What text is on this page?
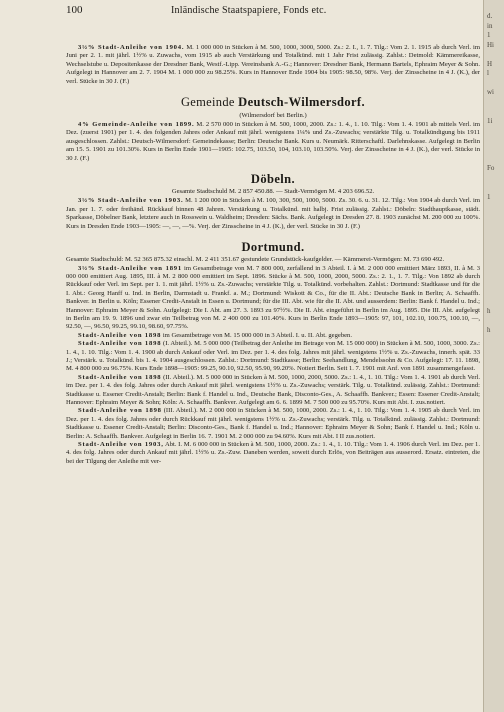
100	Inländische Staatspapiere, Fonds etc.

3½% Stadt-Anleihe von 1904. M. 1 000 000 in Stücken à M. 500, 1000, 3000, 5000. Zs.: 2. I., 1. 7. Tilg.: Vom 2. 1. 1915 ab durch Verl. im Juni per 2. 1. mit jährl. 1½% u. Zuwachs, vom 1915 ab auch Verstärkung und Totalkünd. mit 1 Jahr Frist zulässig. Zahlst.: Detmold: Kämmereikasse, Wechselstube u. Depositenkasse der Dresdner Bank, Westf.-Lipp. Vereinsbank A.-G.; Hannover: Dresdner Bank, Hermann Bartels, Ephraim Meyer & Sohn. Aufgelegt in Hannover am 2. 7. 1904 M. 1 000 000 zu 98.25%. Kurs in Hannover Ende 1904 bis 1905: 98.50, 98%. Verj. der Zinsscheine in 4 J. (K.), der verl. Stücke in 30 J. (F.)

Gemeinde Deutsch-Wilmersdorf.
(Wilmersdorf bei Berlin.)

4% Gemeinde-Anleihe von 1899. M. 2 570 000 in Stücken à M. 500, 1000, 2000. Zs.: 1. 4., 1. 10. Tilg.: Vom 1. 4. 1901 ab mittels Verl. im Dez. (zuerst 1901) per 1. 4. des folgenden Jahres oder Ankauf mit jährl. wenigstens 1¼% und Zs.-Zuwachs; verstärkte Tilg. u. Totalkündigung bis 1911 ausgeschlossen. Zahlst.: Deutsch-Wilmersdorf: Gemeindekasse; Berlin: Deutsche Bank. Kurs u. Neumärk. Ritterschaftl. Darlehnskasse. Aufgelegt in Berlin am 15. 5. 1901 zu 101.30%. Kurs in Berlin Ende 1901—1905: 102.75, 103.50, 104, 103.10, 103.50%. Verj. der Zinsscheine in 4 J. (K.), der verl. Stücke in 30 J. (F.)

Döbeln.
Gesamte Stadtschuld M. 2 857 450.88. — Stadt-Vermögen M. 4 203 696.52.

3½% Stadt-Anleihe von 1903. M. 1 200 000 in Stücken à M. 100, 300, 500, 1000, 5000. Zs. 30. 6. u. 31. 12. Tilg.: Von 1904 ab durch Verl. im Jan. per 1. 7. oder freihänd. Rückkauf binnen 48 Jahren. Verstärkung u. Totalkünd. mit halbj. Frist zulässig. Zahlst.: Döbeln: Stadthauptkasse, städt. Sparkasse, Döbelner Bank, letztere auch in Rosswein u. Waldheim; Dresden: Sächs. Bank. Aufgelegt in Dresden 27. 8. 1903 zunächst M. 200 000 zu 100%. Kurs in Dresden Ende 1903—1905: —, —, —%. Verj. der Zinsscheine in 4 J. (K.), der verl. Stücke in 30 J. (F.)

Dortmund.

Gesamte Stadtschuld: M. 52 365 875.32 einschl. M. 2 411 351.67 gestundete Grundstück-kaufgelder. — Kämmerei-Vermögen: M. 73 690 492.

3½% Stadt-Anleihe von 1891 im Gesamtbetrage von M. 7 800 000, zerfallend in 3 Abteil. I. à M. 2 000 000 emittiert März 1893, II. à M. 3 000 000 emittiert Aug. 1895, III. à M. 2 800 000 emittiert im Sept. 1896. Stücke à M. 500, 1000, 2000, 5000. Zs.: 2. 1., 1. 7. Tilg.: Von 1892 ab durch Rückkauf oder Verl. im Sept. per 1. 1. mit jährl. 1½% u. Zs.-Zuwachs; verstärkte Tilg. u. Totalkünd. vorbehalten. Zahlst.: Dortmund: Stadtkasse und für die I. Abt.: Georg Hanff u. Ind. in Berlin, Darmstadt u. Frankf. a. M.; Dortmund: Wiskott & Co., für die II. Abt.: Deutsche Bank in Berlin; A. Schaaffh. Bankver. in Berlin u. Köln; Essener Credit-Anstalt in Essen u. Dortmund; für die III. Abt. wie für die II. Abt. und ausserdem: Berlin: Bank f. Handel u. Ind.; Hannover: Ephraim Meyer & Sohn. Aufgelegt: Die I. Abt. am 27. 3. 1893 zu 97½%. Die II. Abt. eingeführt in Berlin im Aug. 1895. Die III. Abt. aufgelegt in Berlin am 19. 9. 1896 und zwar ein Teilbetrag von M. 2 400 000 zu 101.40%. Kurs in Berlin Ende 1893—1905: 97, 101, 102.10, 100.75, 100.10, —, 92.50, —, 96.50, 99.25, 99.10, 98.60, 97.75%.

Stadt-Anleihe von 1898 im Gesamtbetrage von M. 15 000 000 in 3 Abteil. I. u. II. Abt. gegeben.

Stadt-Anleihe von 1898 (I. Abteil.). M. 5 000 000 (Teilbetrag der Anleihe im Betrage von M. 15 000 000) in Stücken à M. 500, 1000, 3000. Zs.: 1. 4., 1. 10. Tilg.: Vom 1. 4. 1900 ab durch Ankauf oder Verl. im Dez. per 1. 4. des folg. Jahres mit jährl. wenigstens 1½% u. Zs.-Zuwachs, innerh. spät. 33 J.; Verstärk. u. Totalkünd. bis 1. 4. 1904 ausgeschlossen. Zahlst.: Dortmund: Stadtkasse; Berlin: Seehandlung, Mendelssohn & Co. Aufgelegt: 17. 11. 1898, M. 4 800 000 zu 96.75%. Kurs Ende 1898—1905: 99.25, 90.10, 92.50, 95.90, 99.20%. Notiert Berlin. Seit 1. 7. 1901 mit Anf. von 1891 zusammengefasst.

Stadt-Anleihe von 1898 (II. Abteil.). M. 5 000 000 in Stücken à M. 500, 1000, 2000, 5000. Zs.: 1. 4., 1. 10. Tilg.: Vom 1. 4. 1901 ab durch Verl. im Dez. per 1. 4. des folg. Jahres oder durch Ankauf mit jährl. wenigstens 1½% u. Zs.-Zuwachs; verstärk. Tilg. u. Totalkünd. zulässig. Zahlst.: Dortmund: Stadtkasse u. Essener Credit-Anstalt; Berlin: Bank f. Handel u. Ind., Deutsche Bank, Disconto-Ges., A. Schaaffh. Bankver.; Essen: Essener Credit-Anstalt; Hannover: Ephraim Meyer & Sohn; Köln: A. Schaaffh. Bankver. Aufgelegt am 6. 6. 1899 M. 7 500 000 zu 95.70%. Kurs mit Abt. I. zus.notiert.

Stadt-Anleihe von 1898 (III. Abteil.). M. 2 000 000 in Stücken à M. 500, 1000, 2000. Zs.: 1. 4., 1. 10. Tilg.: Vom 1. 4. 1905 ab durch Verl. im Dez. per 1. 4. des folg. Jahres oder durch Rückkauf mit jährl. wenigstens 1½% u. Zs.-Zuwachs; verstärk. Tilg. u. Totalkünd. zulässig. Zahlst.: Dortmund: Stadtkasse u. Essener Credit-Anstalt; Berlin: Disconto-Ges., Bank f. Handel u. Ind.; Hannover: Ephraim Meyer & Sohn; Bank f. Handel u. Ind.; Köln u. Berlin: A. Schaaffh. Bankver. Aufgelegt in Berlin 16. 7. 1901 M. 2 000 000 zu 94.60%. Kurs mit Abt. I II zus.notiert.

Stadt-Anleihe von 1903, Abt. I. M. 6 000 000 in Stücken à M. 500, 1000, 2000. Zs.: 1. 4., 1. 10. Tilg.: Vom 1. 4. 1906 durch Verl. im Dez. per 1. 4. des folg. Jahres oder durch Ankauf mit jährl. 1½% u. Zs.-Zuw. Daneben werden, soweit durch Erlös, von Beiträgen aus ausserord. Ersatz. eintreten, die bei der Tilgung der Anleihe mit ver-

d.
in
1
Hi

H
l

wi

1i

Fo

1

h

h
